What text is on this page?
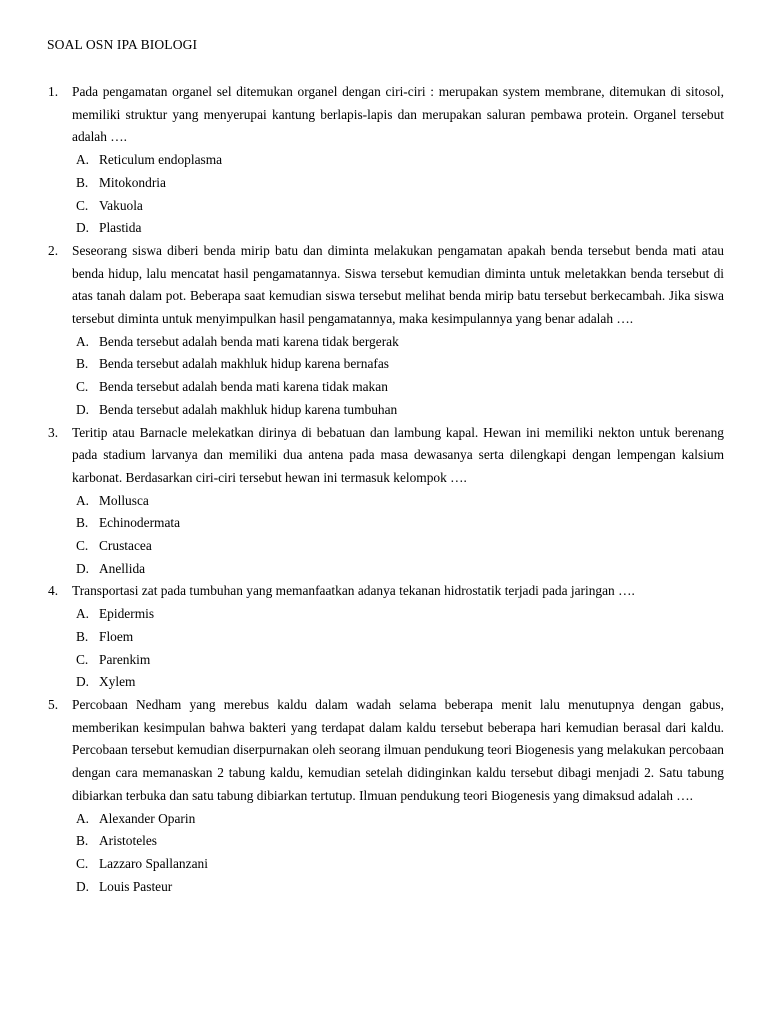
SOAL OSN IPA BIOLOGI
1. Pada pengamatan organel sel ditemukan organel dengan ciri-ciri : merupakan system membrane, ditemukan di sitosol, memiliki struktur yang menyerupai kantung berlapis-lapis dan merupakan saluran pembawa protein. Organel tersebut adalah ….

A. Reticulum endoplasma
B. Mitokondria
C. Vakuola
D. Plastida
2. Seseorang siswa diberi benda mirip batu dan diminta melakukan pengamatan apakah benda tersebut benda mati atau benda hidup, lalu mencatat hasil pengamatannya. Siswa tersebut kemudian diminta untuk meletakkan benda tersebut di atas tanah dalam pot. Beberapa saat kemudian siswa tersebut melihat benda mirip batu tersebut berkecambah. Jika siswa tersebut diminta untuk menyimpulkan hasil pengamatannya, maka kesimpulannya yang benar adalah ….

A. Benda tersebut adalah benda mati karena tidak bergerak
B. Benda tersebut adalah makhluk hidup karena bernafas
C. Benda tersebut adalah benda mati karena tidak makan
D. Benda tersebut adalah makhluk hidup karena tumbuhan
3. Teritip atau Barnacle melekatkan dirinya di bebatuan dan lambung kapal. Hewan ini memiliki nekton untuk berenang pada stadium larvanya dan memiliki dua antena pada masa dewasanya serta dilengkapi dengan lempengan kalsium karbonat. Berdasarkan ciri-ciri tersebut hewan ini termasuk kelompok ….

A. Mollusca
B. Echinodermata
C. Crustacea
D. Anellida
4. Transportasi zat pada tumbuhan yang memanfaatkan adanya tekanan hidrostatik terjadi pada jaringan ….

A. Epidermis
B. Floem
C. Parenkim
D. Xylem
5. Percobaan Nedham yang merebus kaldu dalam wadah selama beberapa menit lalu menutupnya dengan gabus, memberikan kesimpulan bahwa bakteri yang terdapat dalam kaldu tersebut beberapa hari kemudian berasal dari kaldu. Percobaan tersebut kemudian diserpurnakan oleh seorang ilmuan pendukung teori Biogenesis yang melakukan percobaan dengan cara memanaskan 2 tabung kaldu, kemudian setelah didinginkan kaldu tersebut dibagi menjadi 2. Satu tabung dibiarkan terbuka dan satu tabung dibiarkan tertutup. Ilmuan pendukung teori Biogenesis yang dimaksud adalah ….

A. Alexander Oparin
B. Aristoteles
C. Lazzaro Spallanzani
D. Louis Pasteur
